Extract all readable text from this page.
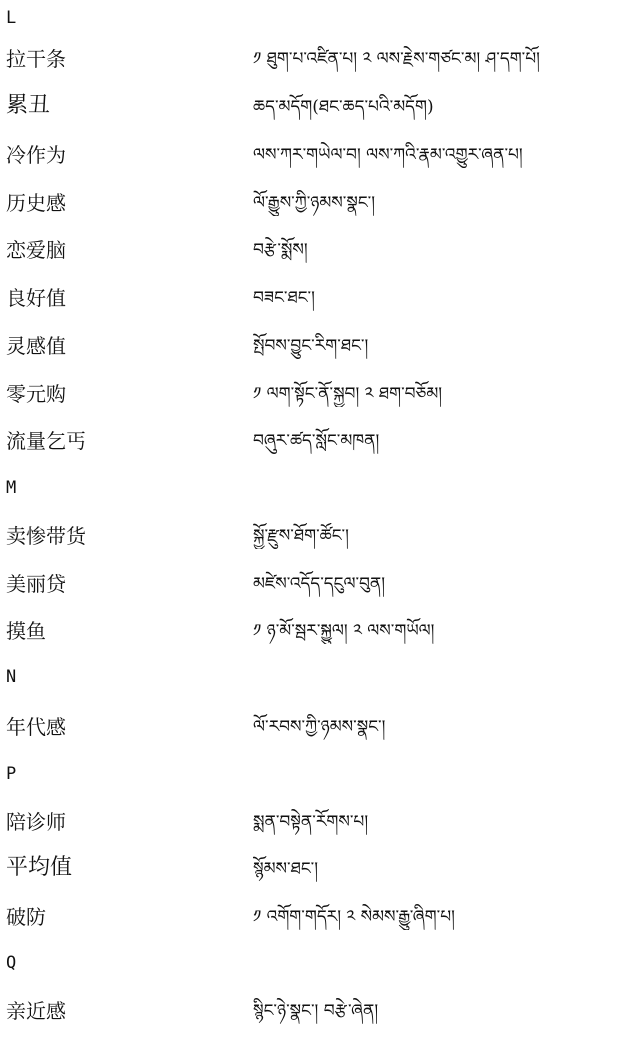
L
拉干条	༡ ཐུག་པ་འཛིན་པ། ༢ ལས་རྗེས་གཙང་མ། ཤ་དག་པོ།
累丑	ཆད་མདོག(ཐང་ཆད་པའི་མདོག)
冷作为	ལས་ཀར་གཡེལ་བ། ལས་ཀའི་རྣམ་འགྱུར་ཞན་པ།
历史感	ལོ་རྒྱུས་ཀྱི་ཉམས་སྣང་།
恋爱脑	བརྩེ་སྨོས།
良好值	བཟང་ཐང་།
灵感值	སྤོབས་བྱུང་རིག་ཐང་།
零元购	༡ ལག་སྟོང་ནོ་སྐྱབ། ༢ ཐག་བཅོམ།
流量乞丐	བཞུར་ཚད་སློང་མཁན།
M
卖惨带货	སྐྱོ་རྫུས་ཐོག་ཚོང་།
美丽贷	མཛེས་འདོད་དངུལ་བུན།
摸鱼	༡ ཉ་མོ་སྦར་སྐྱུལ། ༢ ལས་གཡོལ།
N
年代感	ལོ་རབས་ཀྱི་ཉམས་སྣང་།
P
陪诊师	སྨན་བསྟེན་རོགས་པ།
平均值	སྙོམས་ཐང་།
破防	༡ འགོག་གདོར། ༢ སེམས་རྒྱུ་ཞིག་པ།
Q
亲近感	སྙིང་ཉེ་སྣང་། བརྩེ་ཞེན།
